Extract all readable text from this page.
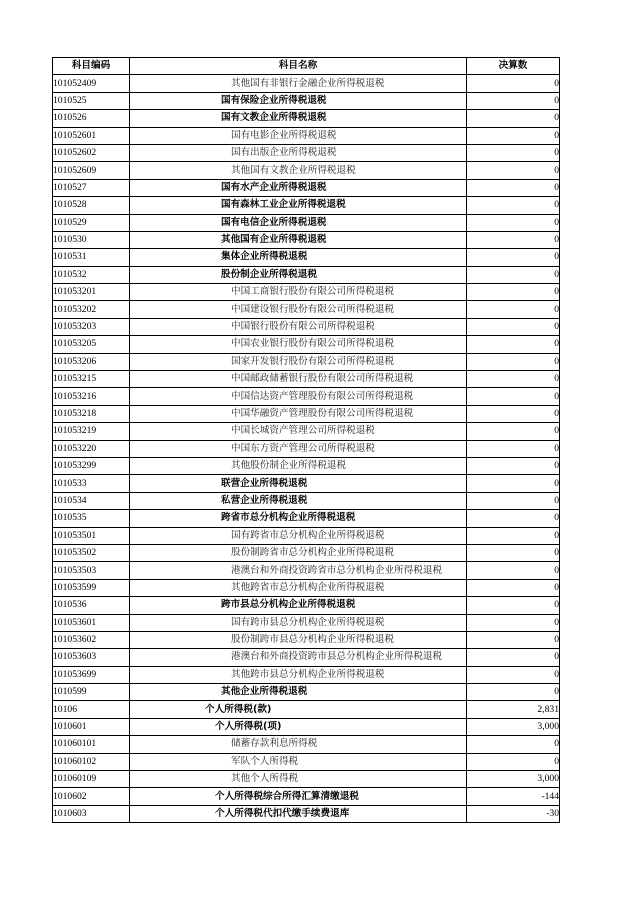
科目编码	科目名称	决算数
101052409	其他国有非银行金融企业所得税退税	0
1010525	国有保险企业所得税退税	0
1010526	国有文教企业所得税退税	0
101052601	国有电影企业所得税退税	0
101052602	国有出版企业所得税退税	0
101052609	其他国有文教企业所得税退税	0
1010527	国有水产企业所得税退税	0
1010528	国有森林工业企业所得税退税	0
1010529	国有电信企业所得税退税	0
1010530	其他国有企业所得税退税	0
1010531	集体企业所得税退税	0
1010532	股份制企业所得税退税	0
101053201	中国工商银行股份有限公司所得税退税	0
101053202	中国建设银行股份有限公司所得税退税	0
101053203	中国银行股份有限公司所得税退税	0
101053205	中国农业银行股份有限公司所得税退税	0
101053206	国家开发银行股份有限公司所得税退税	0
101053215	中国邮政储蓄银行股份有限公司所得税退税	0
101053216	中国信达资产管理股份有限公司所得税退税	0
101053218	中国华融资产管理股份有限公司所得税退税	0
101053219	中国长城资产管理公司所得税退税	0
101053220	中国东方资产管理公司所得税退税	0
101053299	其他股份制企业所得税退税	0
1010533	联营企业所得税退税	0
1010534	私营企业所得税退税	0
1010535	跨省市总分机构企业所得税退税	0
101053501	国有跨省市总分机构企业所得税退税	0
101053502	股份制跨省市总分机构企业所得税退税	0
101053503	港澳台和外商投资跨省市总分机构企业所得税退税	0
101053599	其他跨省市总分机构企业所得税退税	0
1010536	跨市县总分机构企业所得税退税	0
101053601	国有跨市县总分机构企业所得税退税	0
101053602	股份制跨市县总分机构企业所得税退税	0
101053603	港澳台和外商投资跨市县总分机构企业所得税退税	0
101053699	其他跨市县总分机构企业所得税退税	0
1010599	其他企业所得税退税	0
10106	个人所得税(款)	2,831
1010601	个人所得税(项)	3,000
101060101	储蓄存款利息所得税	0
101060102	军队个人所得税	0
101060109	其他个人所得税	3,000
1010602	个人所得税综合所得汇算清缴退税	-144
1010603	个人所得税代扣代缴手续费退库	-30
